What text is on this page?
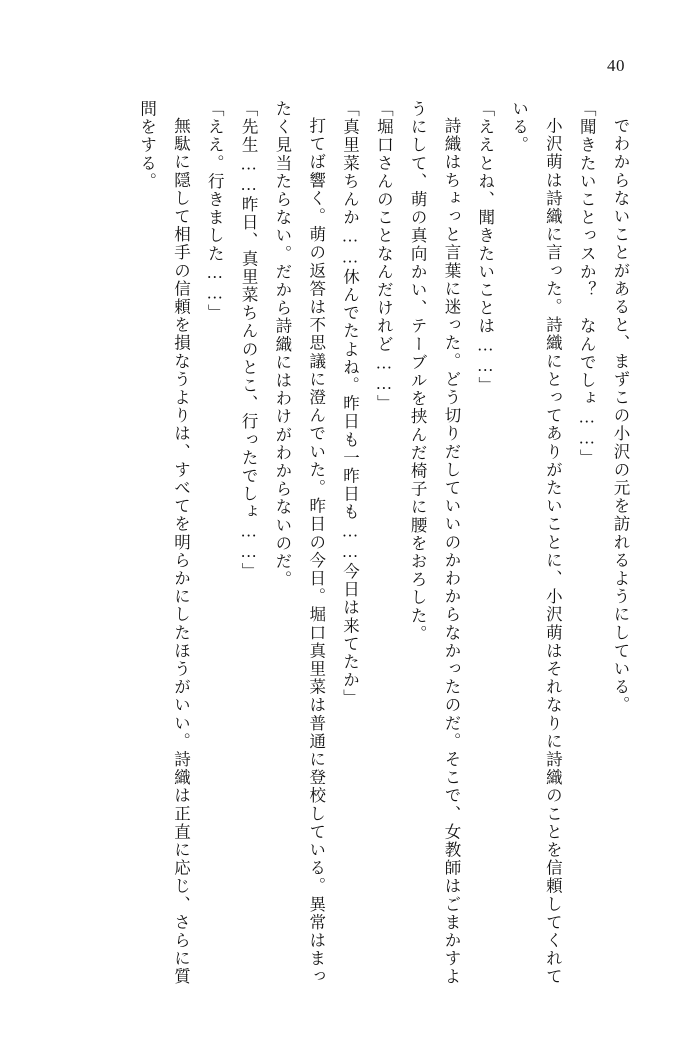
40

でわからないことがあると、まずこの小沢の元を訪れるようにしている。

「聞きたいことっスか？　なんでしょ……」

小沢萌は詩織に言った。詩織にとってありがたいことに、小沢萌はそれなりに詩織のことを信頼してくれている。

「ええとね、聞きたいことは……」

詩織はちょっと言葉に迷った。どう切りだしていいのかわからなかったのだ。そこで、女教師はごまかすようにして、萌の真向かい、テーブルを挟んだ椅子に腰をおろした。

「堀口さんのことなんだけれど……」

「真里菜ちんか……休んでたよね。昨日も一昨日も……今日は来てたか」

打てば響く。萌の返答は不思議に澄んでいた。昨日の今日。堀口真里菜は普通に登校している。異常はまったく見当たらない。だから詩織にはわけがわからないのだ。

「先生……昨日、真里菜ちんのとこ、行ったでしょ……」

「ええ。行きました……」

無駄に隠して相手の信頼を損なうよりは、すべてを明らかにしたほうがいい。詩織は正直に応じ、さらに質問をする。
